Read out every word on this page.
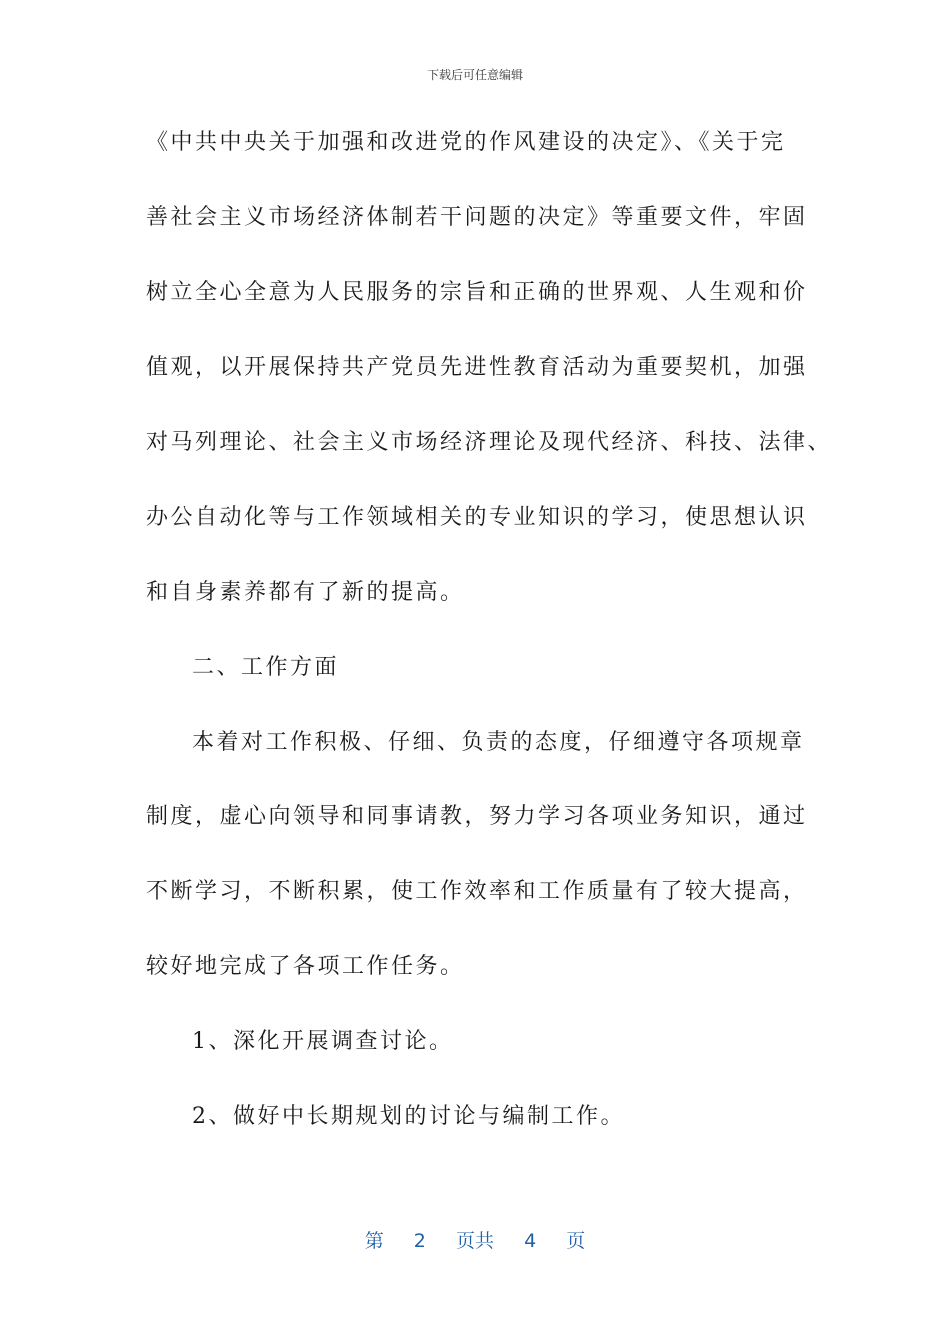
下载后可任意编辑
《中共中央关于加强和改进党的作风建设的决定》、《关于完
善社会主义市场经济体制若干问题的决定》等重要文件，牢固
树立全心全意为人民服务的宗旨和正确的世界观、人生观和价
值观，以开展保持共产党员先进性教育活动为重要契机，加强
对马列理论、社会主义市场经济理论及现代经济、科技、法律、
办公自动化等与工作领域相关的专业知识的学习，使思想认识
和自身素养都有了新的提高。
二、工作方面
本着对工作积极、仔细、负责的态度，仔细遵守各项规章
制度，虚心向领导和同事请教，努力学习各项业务知识，通过
不断学习，不断积累，使工作效率和工作质量有了较大提高，
较好地完成了各项工作任务。
1、深化开展调查讨论。
2、做好中长期规划的讨论与编制工作。
第 2 页共 4 页
